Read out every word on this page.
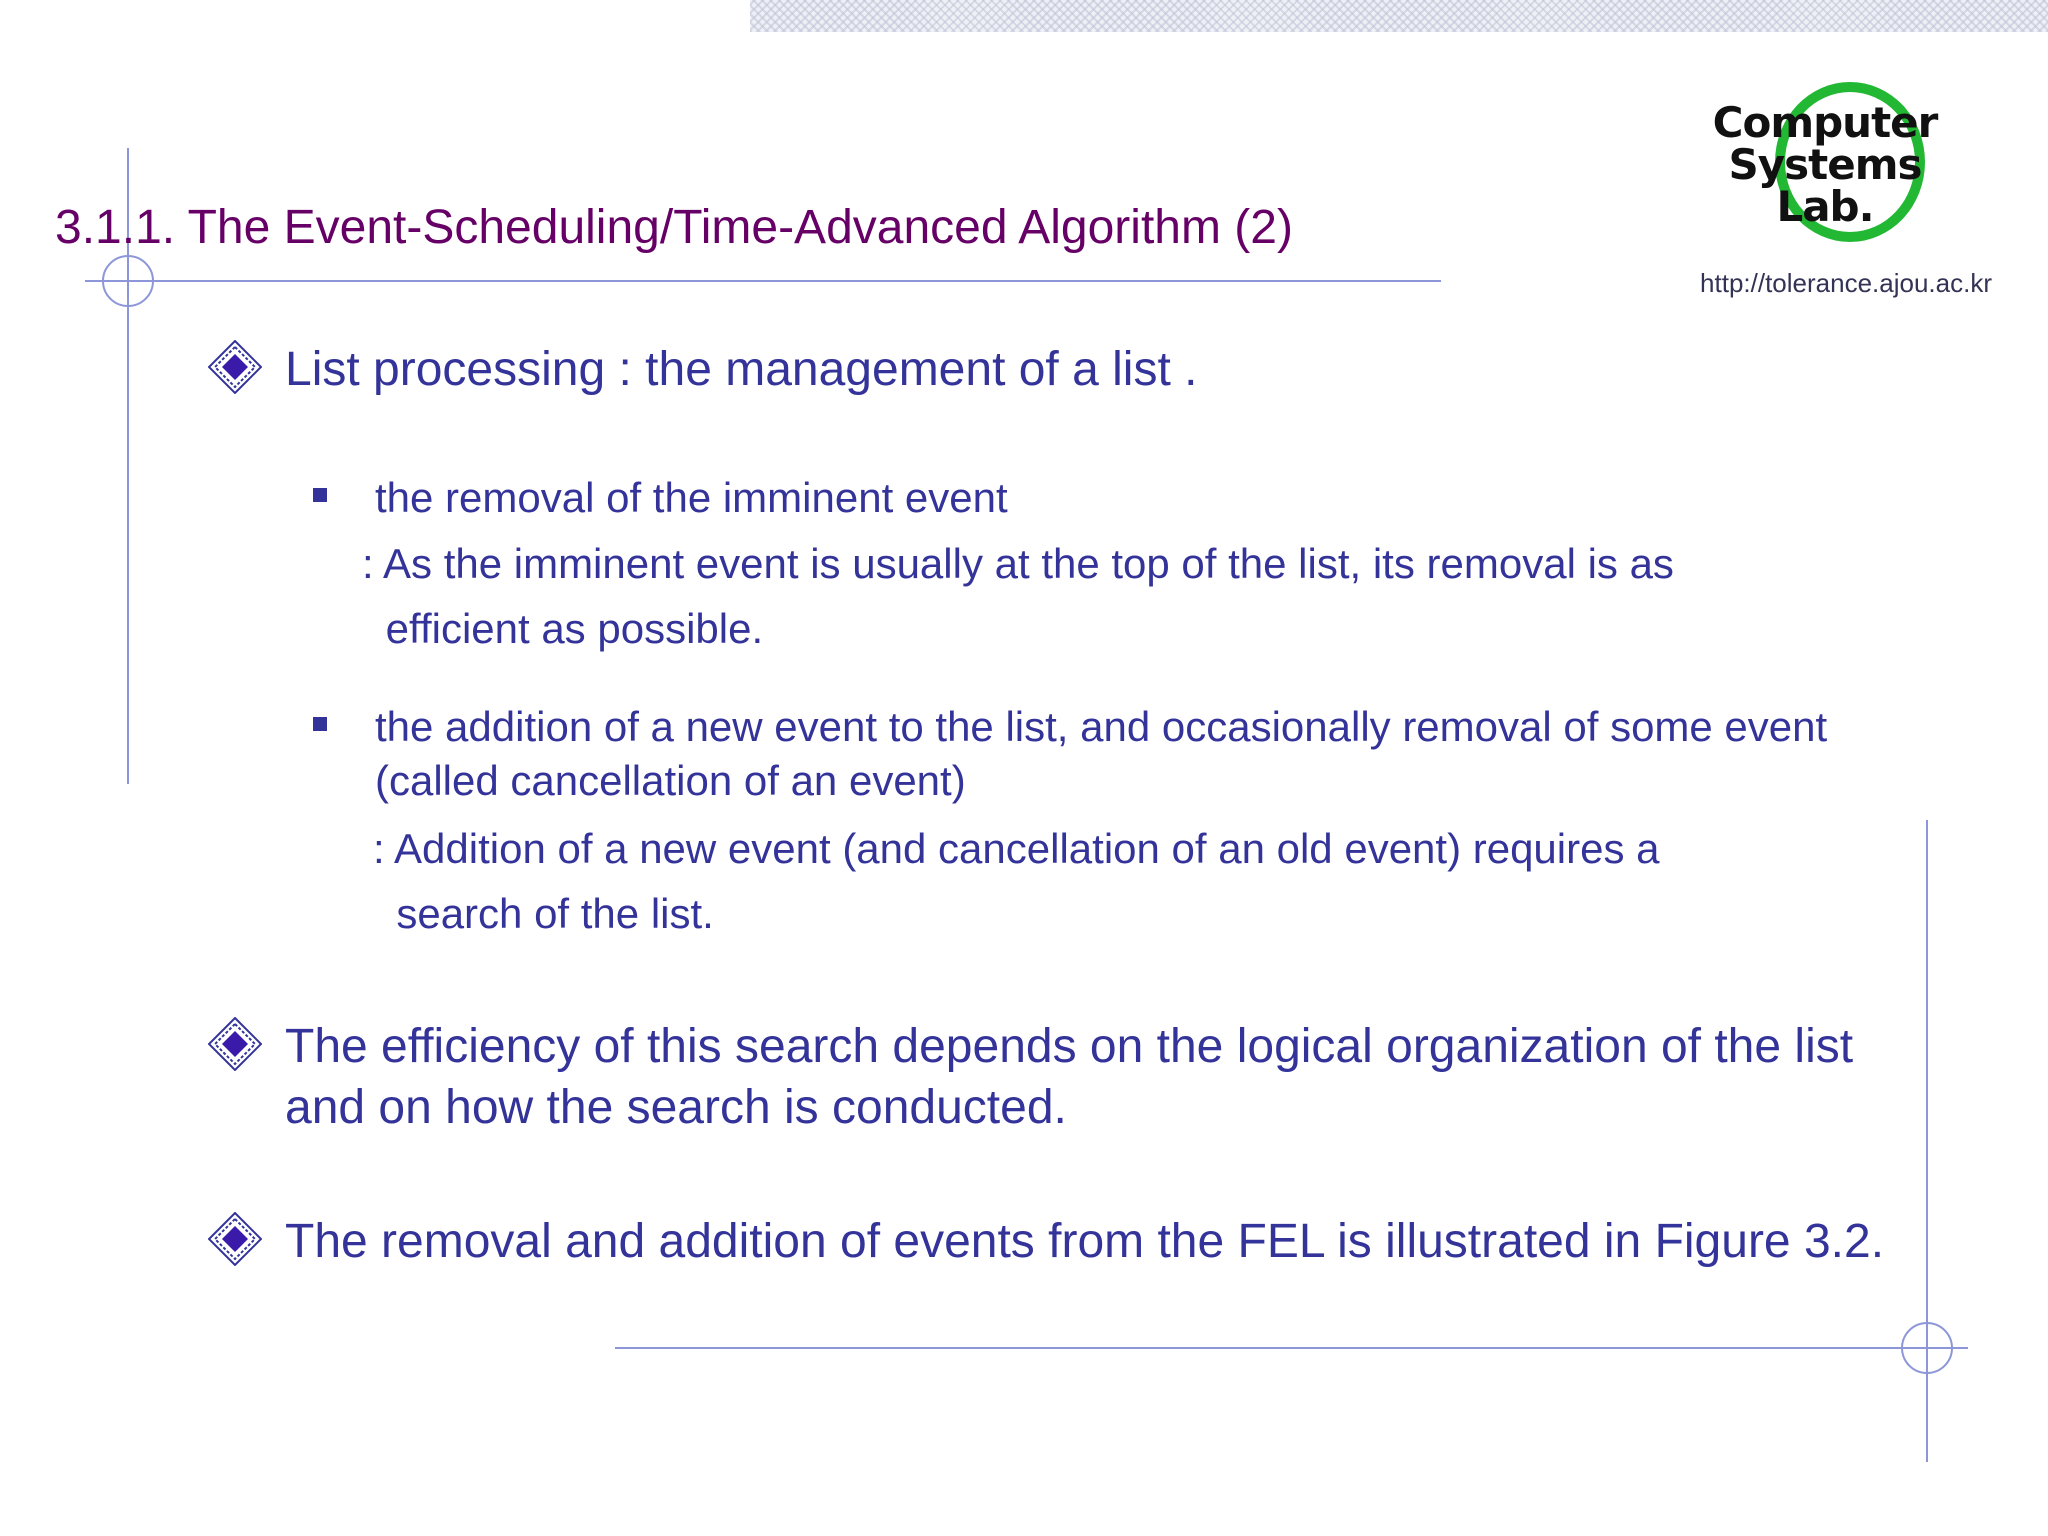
3.1.1. The Event-Scheduling/Time-Advanced Algorithm (2)
Computer
Systems
Lab.
http://tolerance.ajou.ac.kr

List processing : the management of a list .

the removal of the imminent event

: As the imminent event is usually at the top of the list, its removal is as

efficient as possible.

the addition of a new event to the list, and occasionally removal of some event (called cancellation of an event)

: Addition of a new event (and cancellation of an old event) requires a

search of the list.

The efficiency of this search depends on the logical organization of the list and on how the search is conducted.

The removal and addition of events from the FEL is illustrated in Figure 3.2.
